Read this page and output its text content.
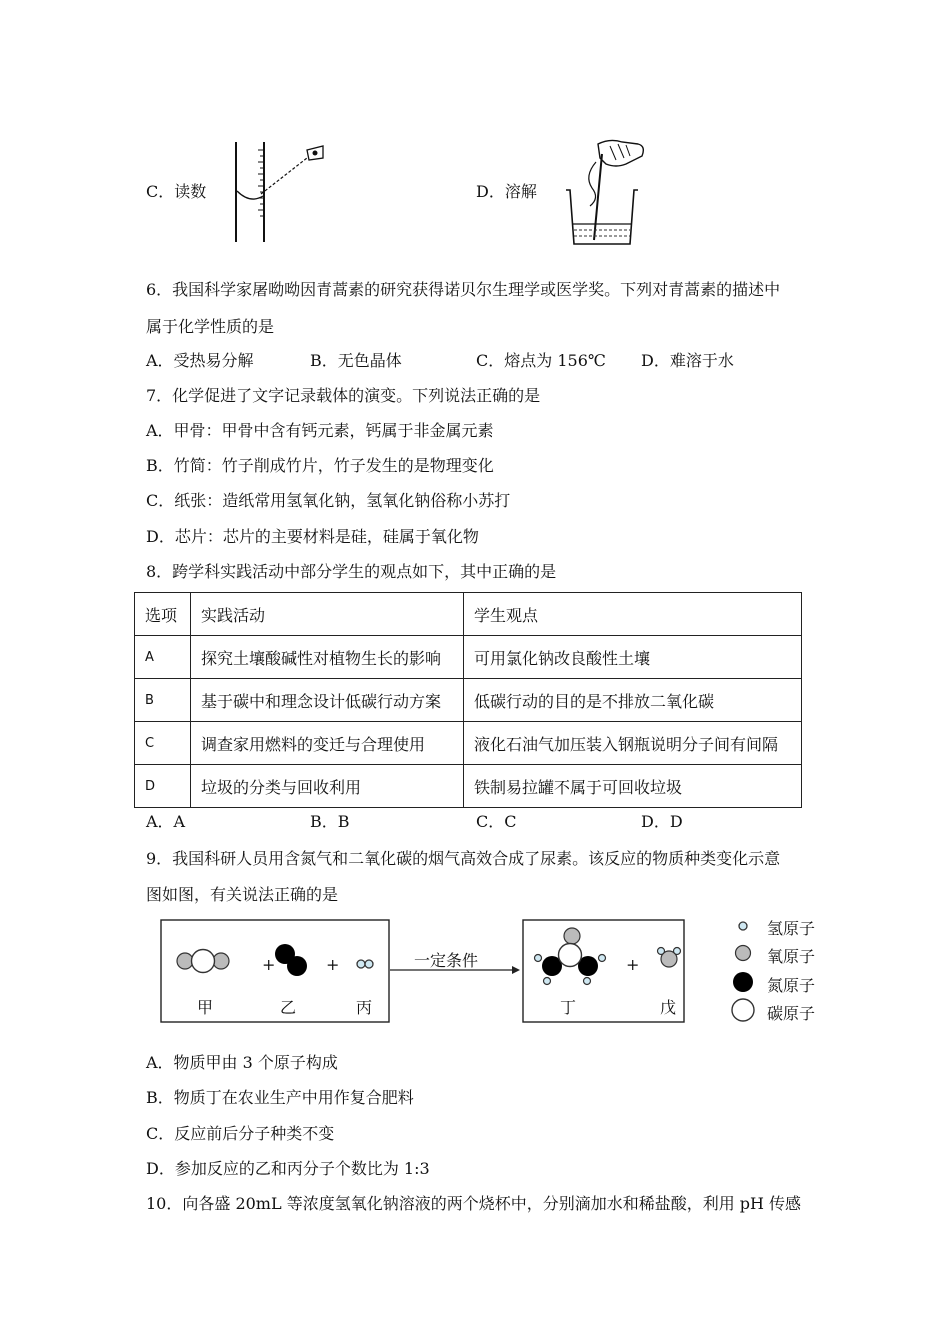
C．读数	D．溶解
6．我国科学家屠呦呦因青蒿素的研究获得诺贝尔生理学或医学奖。下列对青蒿素的描述中
属于化学性质的是
A．受热易分解	B．无色晶体	C．熔点为 156℃ D．难溶于水
7．化学促进了文字记录载体的演变。下列说法正确的是
A．甲骨：甲骨中含有钙元素，钙属于非金属元素
B．竹简：竹子削成竹片，竹子发生的是物理变化
C．纸张：造纸常用氢氧化钠，氢氧化钠俗称小苏打
D．芯片：芯片的主要材料是硅，硅属于氧化物
8．跨学科实践活动中部分学生的观点如下，其中正确的是
选项	实践活动	学生观点
A	探究土壤酸碱性对植物生长的影响	可用氯化钠改良酸性土壤
B	基于碳中和理念设计低碳行动方案	低碳行动的目的是不排放二氧化碳
C	调查家用燃料的变迁与合理使用	液化石油气加压装入钢瓶说明分子间有间隔
D	垃圾的分类与回收利用	铁制易拉罐不属于可回收垃圾
A．A	B．B	C．C	D．D
9．我国科研人员用含氮气和二氧化碳的烟气高效合成了尿素。该反应的物质种类变化示意
图如图，有关说法正确的是
+	+	+
甲	乙	丙
一定条件
丁	戊
氢原子
氧原子
氮原子
碳原子
A．物质甲由 3 个原子构成
B．物质丁在农业生产中用作复合肥料
C．反应前后分子种类不变
D．参加反应的乙和丙分子个数比为 1:3
10．向各盛 20mL 等浓度氢氧化钠溶液的两个烧杯中，分别滴加水和稀盐酸，利用 pH 传感
